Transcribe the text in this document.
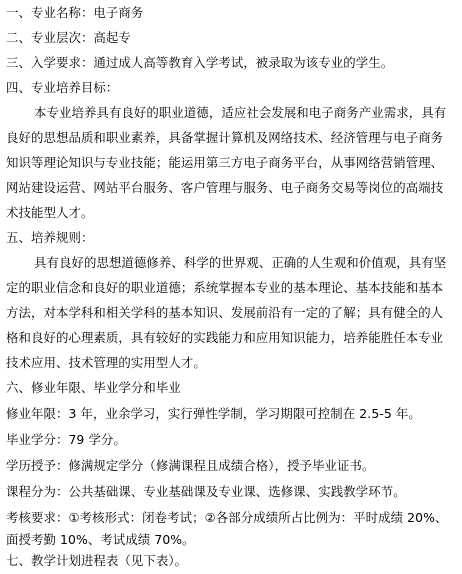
一、专业名称：电子商务
二、专业层次：高起专
三、入学要求：通过成人高等教育入学考试，被录取为该专业的学生。
四、专业培养目标：
本专业培养具有良好的职业道德，适应社会发展和电子商务产业需求，具有
良好的思想品质和职业素养，具备掌握计算机及网络技术、经济管理与电子商务
知识等理论知识与专业技能；能运用第三方电子商务平台，从事网络营销管理、
网站建设运营、网站平台服务、客户管理与服务、电子商务交易等岗位的高端技
术技能型人才。
五、培养规则：
具有良好的思想道德修养、科学的世界观、正确的人生观和价值观，具有坚
定的职业信念和良好的职业道德；系统掌握本专业的基本理论、基本技能和基本
方法，对本学科和相关学科的基本知识、发展前沿有一定的了解；具有健全的人
格和良好的心理素质，具有较好的实践能力和应用知识能力，培养能胜任本专业
技术应用、技术管理的实用型人才。
六、修业年限、毕业学分和毕业
修业年限：3 年，业余学习，实行弹性学制，学习期限可控制在 2.5-5 年。
毕业学分：79 学分。
学历授予：修满规定学分（修满课程且成绩合格），授予毕业证书。
课程分为：公共基础课、专业基础课及专业课、选修课、实践教学环节。
考核要求：①考核形式：闭卷考试；②各部分成绩所占比例为：平时成绩 20%、
面授考勤 10%、考试成绩 70%。
七、教学计划进程表（见下表）。
